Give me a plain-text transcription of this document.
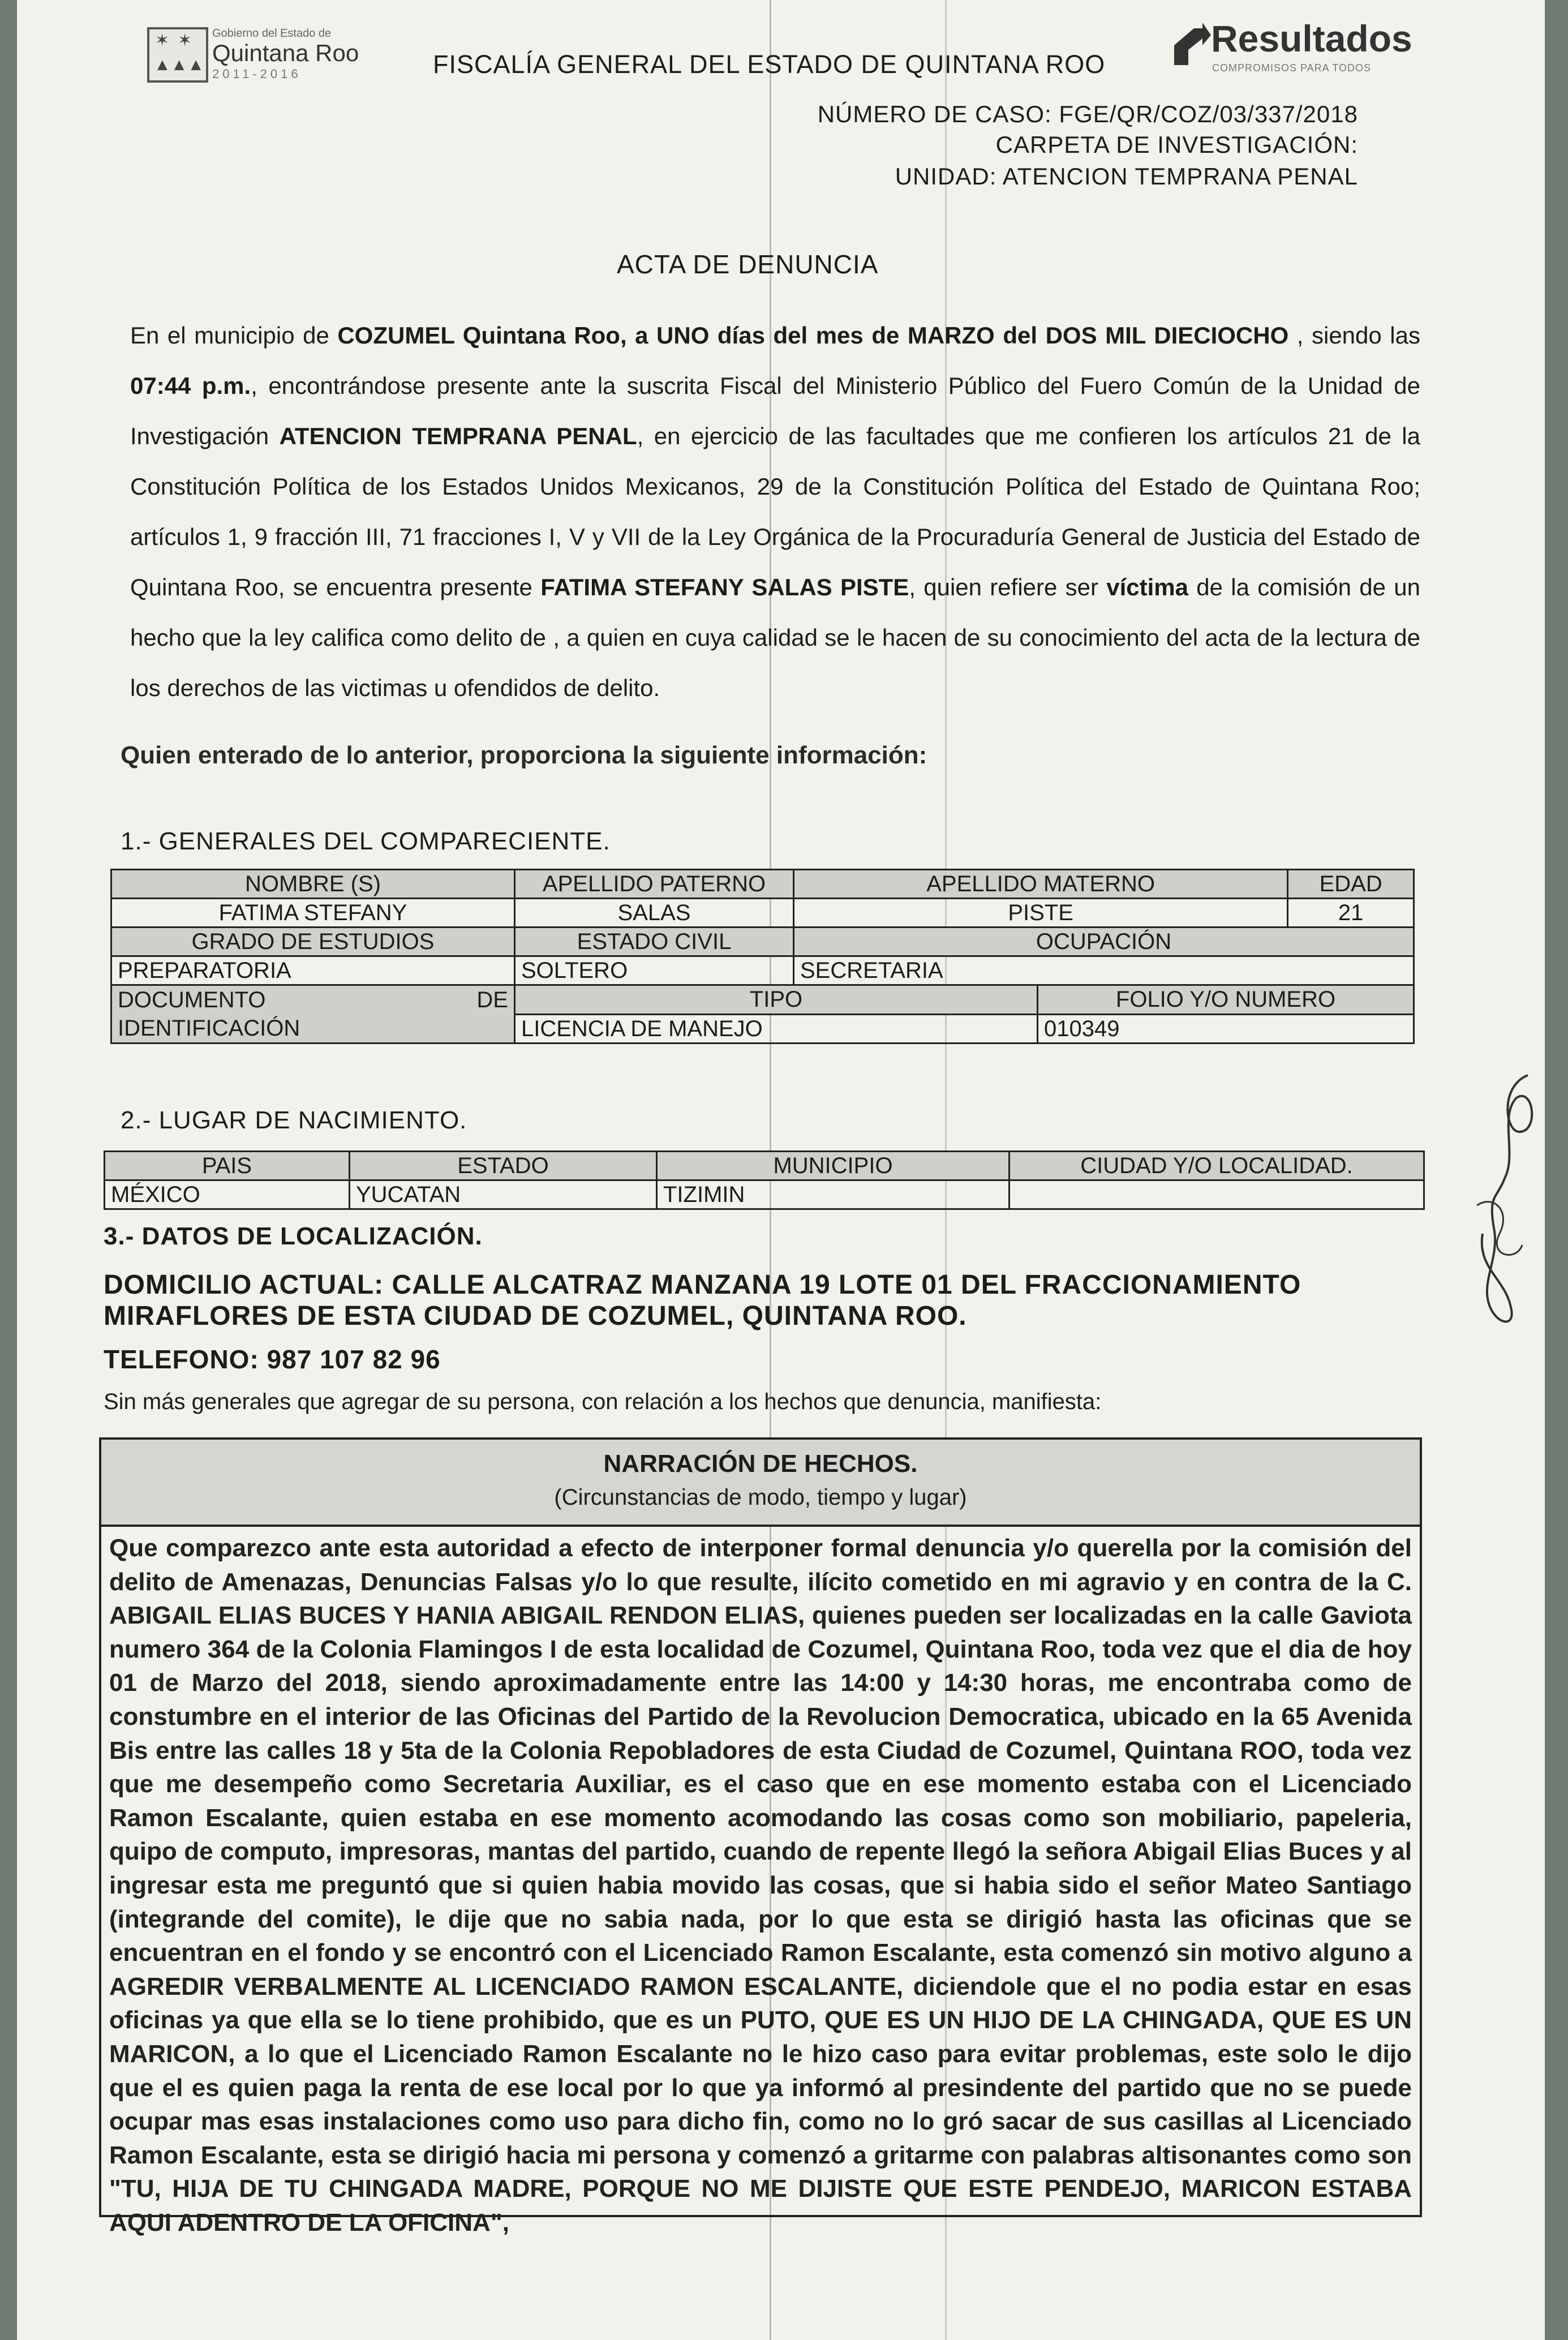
✶ ✶
▲▲▲
Gobierno del Estado de
Quintana Roo
2011-2016
Resultados
COMPROMISOS PARA TODOS
FISCALÍA GENERAL DEL ESTADO DE QUINTANA ROO
NÚMERO DE CASO: FGE/QR/COZ/03/337/2018
CARPETA DE INVESTIGACIÓN:
UNIDAD: ATENCION TEMPRANA PENAL
ACTA DE DENUNCIA
En el municipio de COZUMEL Quintana Roo, a UNO días del mes de MARZO del DOS MIL DIECIOCHO , siendo las 07:44 p.m., encontrándose presente ante la suscrita Fiscal del Ministerio Público del Fuero Común de la Unidad de Investigación ATENCION TEMPRANA PENAL, en ejercicio de las facultades que me confieren los artículos 21 de la Constitución Política de los Estados Unidos Mexicanos, 29 de la Constitución Política del Estado de Quintana Roo; artículos 1, 9 fracción III, 71 fracciones I, V y VII de la Ley Orgánica de la Procuraduría General de Justicia del Estado de Quintana Roo, se encuentra presente FATIMA STEFANY SALAS PISTE, quien refiere ser víctima de la comisión de un hecho que la ley califica como delito de , a quien en cuya calidad se le hacen de su conocimiento del acta de la lectura de los derechos de las victimas u ofendidos de delito.
Quien enterado de lo anterior, proporciona la siguiente información:
1.- GENERALES DEL COMPARECIENTE.
NOMBRE (S)	APELLIDO PATERNO	APELLIDO MATERNO		EDAD
FATIMA STEFANY	SALAS	PISTE		21
GRADO DE ESTUDIOS	ESTADO CIVIL	OCUPACIÓN		
PREPARATORIA	SOLTERO	SECRETARIA		

DOCUMENTO DE
IDENTIFICACIÓN	TIPO		FOLIO Y/O NUMERO	
	LICENCIA DE MANEJO		010349	
2.- LUGAR DE NACIMIENTO.
PAIS	ESTADO	MUNICIPIO	CIUDAD Y/O LOCALIDAD.
MÉXICO	YUCATAN	TIZIMIN	
3.- DATOS DE LOCALIZACIÓN.
DOMICILIO ACTUAL: CALLE ALCATRAZ MANZANA 19 LOTE 01 DEL FRACCIONAMIENTO
MIRAFLORES DE ESTA CIUDAD DE COZUMEL, QUINTANA ROO.
TELEFONO: 987 107 82 96
Sin más generales que agregar de su persona, con relación a los hechos que denuncia, manifiesta:
NARRACIÓN DE HECHOS.
(Circunstancias de modo, tiempo y lugar)
Que comparezco ante esta autoridad a efecto de interponer formal denuncia y/o querella por la comisión del delito de Amenazas, Denuncias Falsas y/o lo que resulte, ilícito cometido en mi agravio y en contra de la C. ABIGAIL ELIAS BUCES Y HANIA ABIGAIL RENDON ELIAS, quienes pueden ser localizadas en la calle Gaviota numero 364 de la Colonia Flamingos I de esta localidad de Cozumel, Quintana Roo, toda vez que el dia de hoy 01 de Marzo del 2018, siendo aproximadamente entre las 14:00 y 14:30 horas, me encontraba como de constumbre en el interior de las Oficinas del Partido de la Revolucion Democratica, ubicado en la 65 Avenida Bis entre las calles 18 y 5ta de la Colonia Repobladores de esta Ciudad de Cozumel, Quintana ROO, toda vez que me desempeño como Secretaria Auxiliar, es el caso que en ese momento estaba con el Licenciado Ramon Escalante, quien estaba en ese momento acomodando las cosas como son mobiliario, papeleria, quipo de computo, impresoras, mantas del partido, cuando de repente llegó la señora Abigail Elias Buces y al ingresar esta me preguntó que si quien habia movido las cosas, que si habia sido el señor Mateo Santiago (integrande del comite), le dije que no sabia nada, por lo que esta se dirigió hasta las oficinas que se encuentran en el fondo y se encontró con el Licenciado Ramon Escalante, esta comenzó sin motivo alguno a AGREDIR VERBALMENTE AL LICENCIADO RAMON ESCALANTE, diciendole que el no podia estar en esas oficinas ya que ella se lo tiene prohibido, que es un PUTO, QUE ES UN HIJO DE LA CHINGADA, QUE ES UN MARICON, a lo que el Licenciado Ramon Escalante no le hizo caso para evitar problemas, este solo le dijo que el es quien paga la renta de ese local por lo que ya informó al presindente del partido que no se puede ocupar mas esas instalaciones como uso para dicho fin, como no lo gró sacar de sus casillas al Licenciado Ramon Escalante, esta se dirigió hacia mi persona y comenzó a gritarme con palabras altisonantes como son "TU, HIJA DE TU CHINGADA MADRE, PORQUE NO ME DIJISTE QUE ESTE PENDEJO, MARICON ESTABA AQUI ADENTRO DE LA OFICINA",
